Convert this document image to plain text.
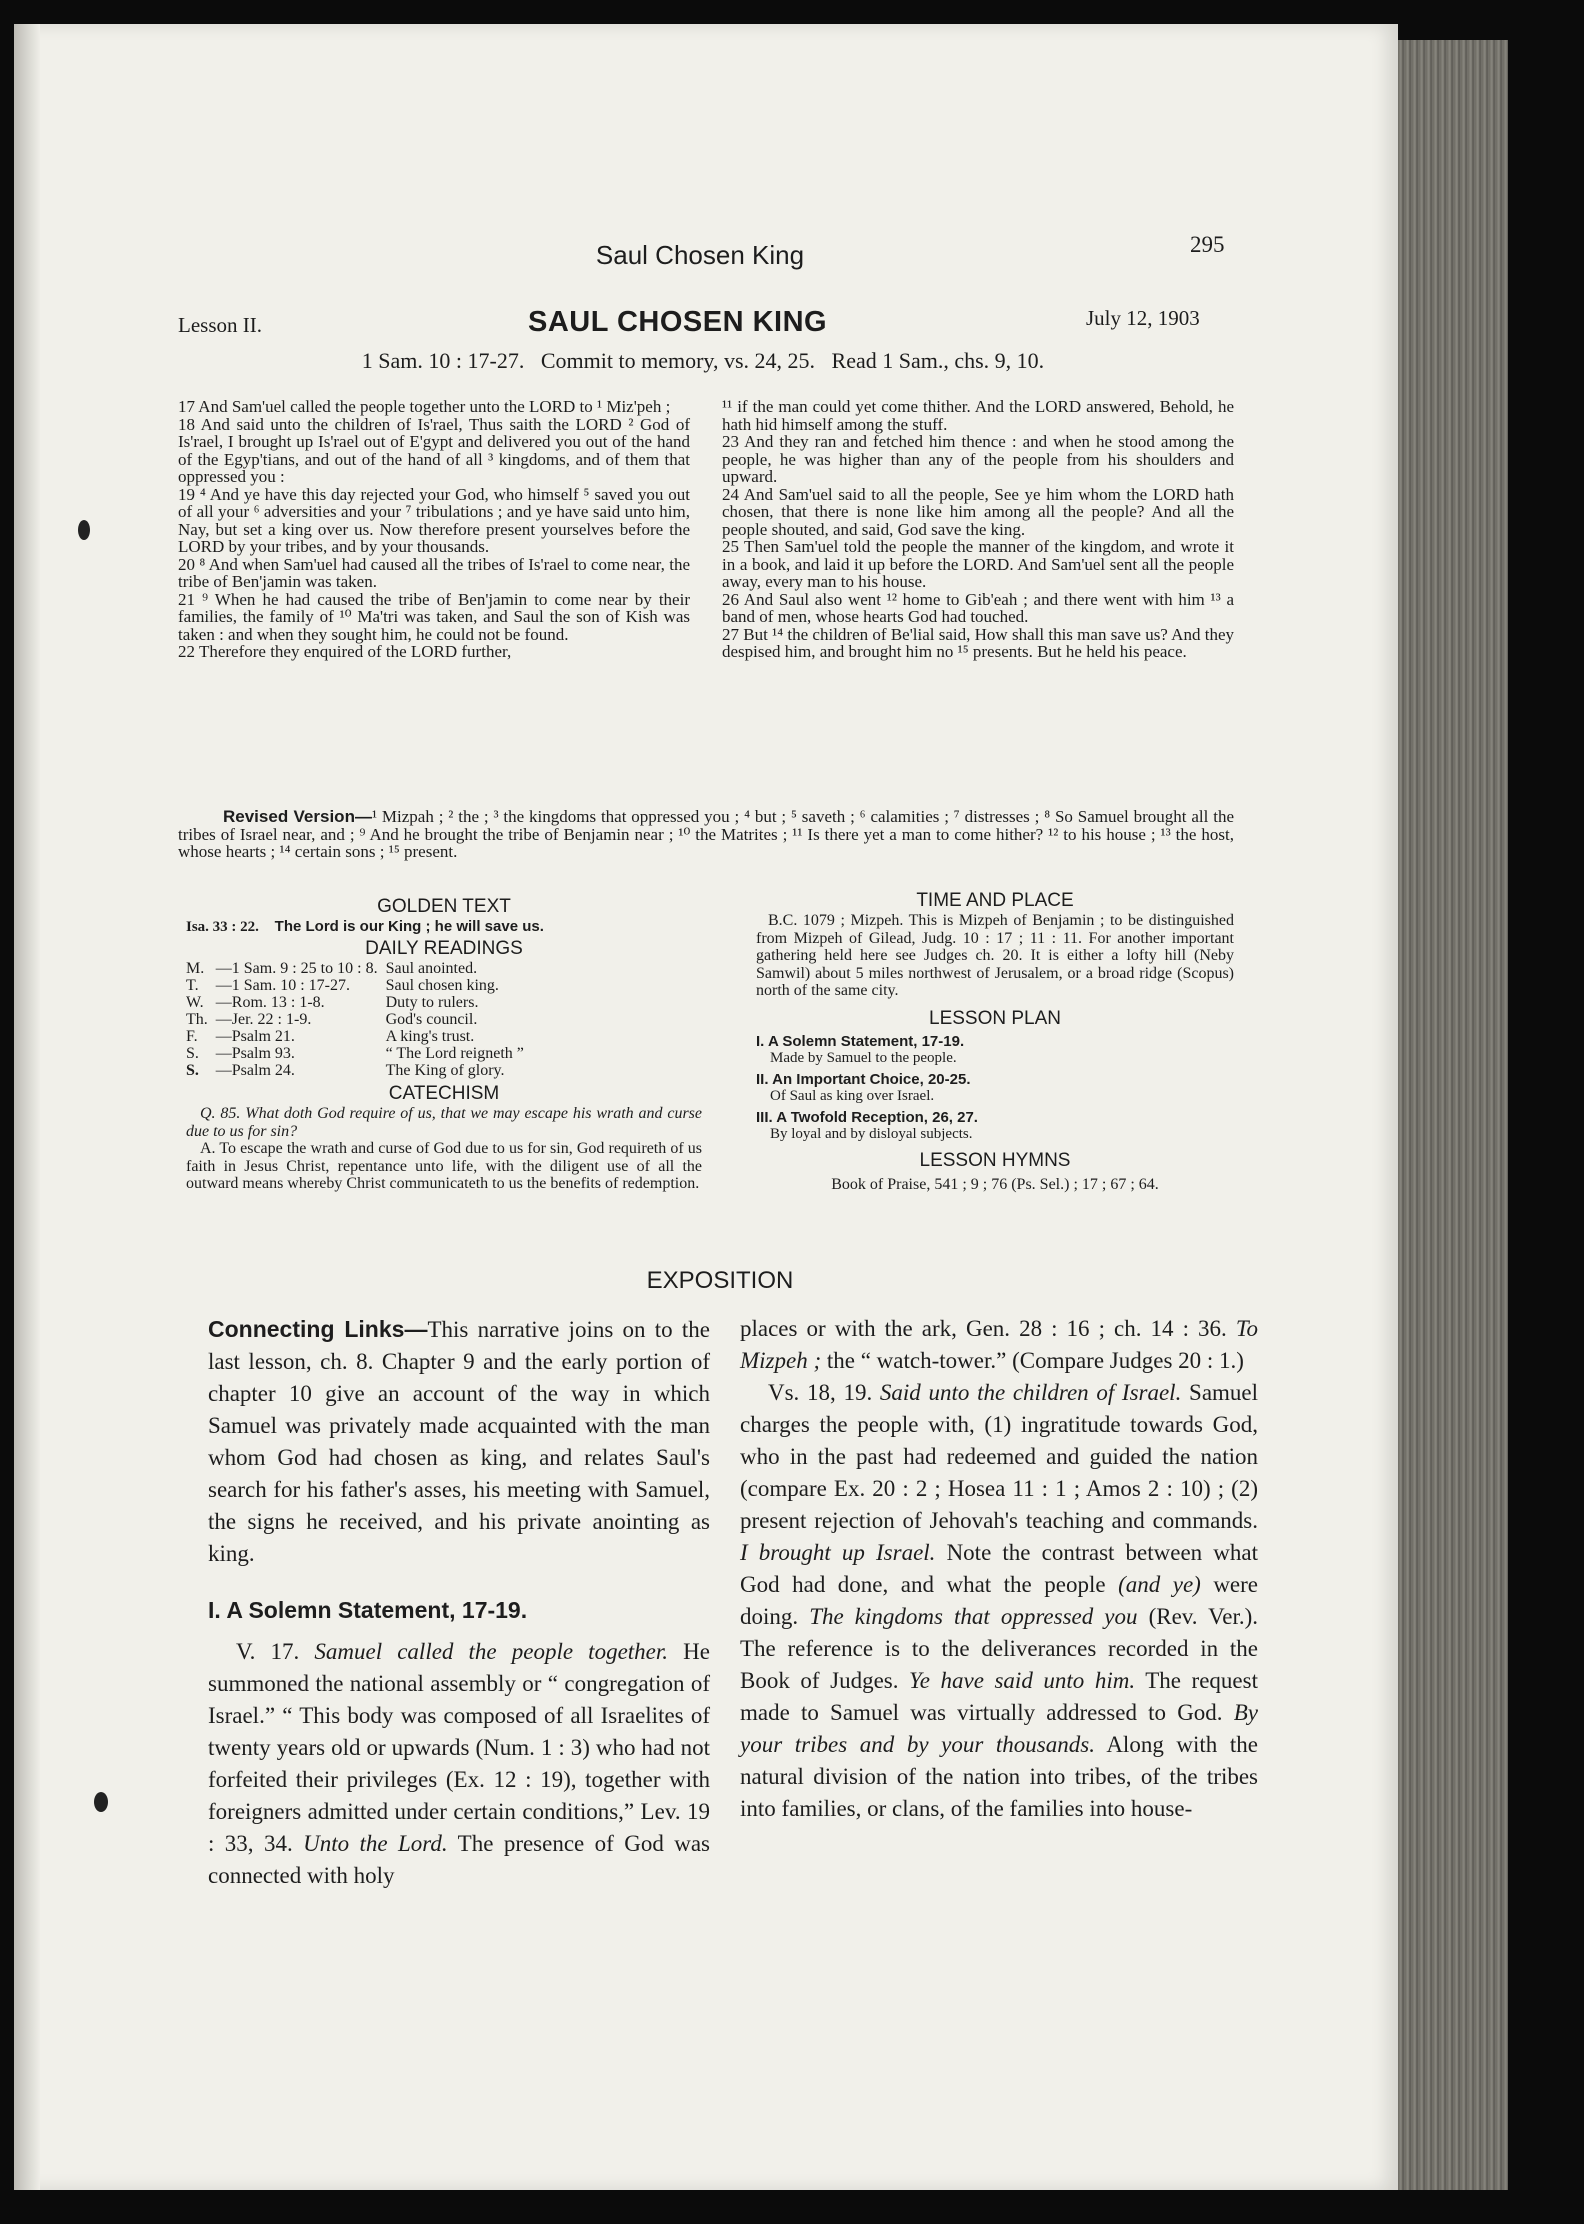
Saul Chosen King	295
Lesson II.	SAUL CHOSEN KING	July 12, 1903
1 Sam. 10 : 17-27.   Commit to memory, vs. 24, 25.   Read 1 Sam., chs. 9, 10.

17 And Sam'uel called the people together unto the LORD to ¹ Miz'peh ;

18 And said unto the children of Is'rael, Thus saith the LORD ² God of Is'rael, I brought up Is'rael out of E'gypt and delivered you out of the hand of the Egyp'tians, and out of the hand of all ³ kingdoms, and of them that oppressed you :

19 ⁴ And ye have this day rejected your God, who himself ⁵ saved you out of all your ⁶ adversities and your ⁷ tribulations ; and ye have said unto him, Nay, but set a king over us. Now therefore present yourselves before the LORD by your tribes, and by your thousands.

20 ⁸ And when Sam'uel had caused all the tribes of Is'rael to come near, the tribe of Ben'jamin was taken.

21 ⁹ When he had caused the tribe of Ben'jamin to come near by their families, the family of ¹⁰ Ma'tri was taken, and Saul the son of Kish was taken : and when they sought him, he could not be found.

22 Therefore they enquired of the LORD further,

¹¹ if the man could yet come thither. And the LORD answered, Behold, he hath hid himself among the stuff.

23 And they ran and fetched him thence : and when he stood among the people, he was higher than any of the people from his shoulders and upward.

24 And Sam'uel said to all the people, See ye him whom the LORD hath chosen, that there is none like him among all the people? And all the people shouted, and said, God save the king.

25 Then Sam'uel told the people the manner of the kingdom, and wrote it in a book, and laid it up before the LORD. And Sam'uel sent all the people away, every man to his house.

26 And Saul also went ¹² home to Gib'eah ; and there went with him ¹³ a band of men, whose hearts God had touched.

27 But ¹⁴ the children of Be'lial said, How shall this man save us? And they despised him, and brought him no ¹⁵ presents. But he held his peace.

Revised Version—¹ Mizpah ; ² the ; ³ the kingdoms that oppressed you ; ⁴ but ; ⁵ saveth ; ⁶ calamities ; ⁷ distresses ; ⁸ So Samuel brought all the tribes of Israel near, and ; ⁹ And he brought the tribe of Benjamin near ; ¹⁰ the Matrites ; ¹¹ Is there yet a man to come hither? ¹² to his house ; ¹³ the host, whose hearts ; ¹⁴ certain sons ; ¹⁵ present.
GOLDEN TEXT
Isa. 33 : 22. The Lord is our King ; he will save us.
DAILY READINGS
M.	—1 Sam. 9 : 25 to 10 : 8.	Saul anointed.
T.	—1 Sam. 10 : 17-27.	Saul chosen king.
W.	—Rom. 13 : 1-8.	Duty to rulers.
Th.	—Jer. 22 : 1-9.	God's council.
F.	—Psalm 21.	A king's trust.
S.	—Psalm 93.	“ The Lord reigneth ”
S.	—Psalm 24.	The King of glory.
CATECHISM
Q. 85. What doth God require of us, that we may escape his wrath and curse due to us for sin?
A. To escape the wrath and curse of God due to us for sin, God requireth of us faith in Jesus Christ, repentance unto life, with the diligent use of all the outward means whereby Christ communicateth to us the benefits of redemption.
TIME AND PLACE
B.C. 1079 ; Mizpeh. This is Mizpeh of Benjamin ; to be distinguished from Mizpeh of Gilead, Judg. 10 : 17 ; 11 : 11. For another important gathering held here see Judges ch. 20. It is either a lofty hill (Neby Samwil) about 5 miles northwest of Jerusalem, or a broad ridge (Scopus) north of the same city.
LESSON PLAN
I. A Solemn Statement, 17-19.
Made by Samuel to the people.
II. An Important Choice, 20-25.
Of Saul as king over Israel.
III. A Twofold Reception, 26, 27.
By loyal and by disloyal subjects.
LESSON HYMNS
Book of Praise, 541 ; 9 ; 76 (Ps. Sel.) ; 17 ; 67 ; 64.
EXPOSITION

Connecting Links—This narrative joins on to the last lesson, ch. 8. Chapter 9 and the early portion of chapter 10 give an account of the way in which Samuel was privately made acquainted with the man whom God had chosen as king, and relates Saul's search for his father's asses, his meeting with Samuel, the signs he received, and his private anointing as king.

I. A Solemn Statement, 17-19.

V. 17. Samuel called the people together. He summoned the national assembly or “ congregation of Israel.” “ This body was composed of all Israelites of twenty years old or upwards (Num. 1 : 3) who had not forfeited their privileges (Ex. 12 : 19), together with foreigners admitted under certain conditions,” Lev. 19 : 33, 34. Unto the Lord. The presence of God was connected with holy

places or with the ark, Gen. 28 : 16 ; ch. 14 : 36. To Mizpeh ; the “ watch-tower.” (Compare Judges 20 : 1.)

Vs. 18, 19. Said unto the children of Israel. Samuel charges the people with, (1) ingratitude towards God, who in the past had redeemed and guided the nation (compare Ex. 20 : 2 ; Hosea 11 : 1 ; Amos 2 : 10) ; (2) present rejection of Jehovah's teaching and commands. I brought up Israel. Note the contrast between what God had done, and what the people (and ye) were doing. The kingdoms that oppressed you (Rev. Ver.). The reference is to the deliverances recorded in the Book of Judges. Ye have said unto him. The request made to Samuel was virtually addressed to God. By your tribes and by your thousands. Along with the natural division of the nation into tribes, of the tribes into families, or clans, of the families into house-
